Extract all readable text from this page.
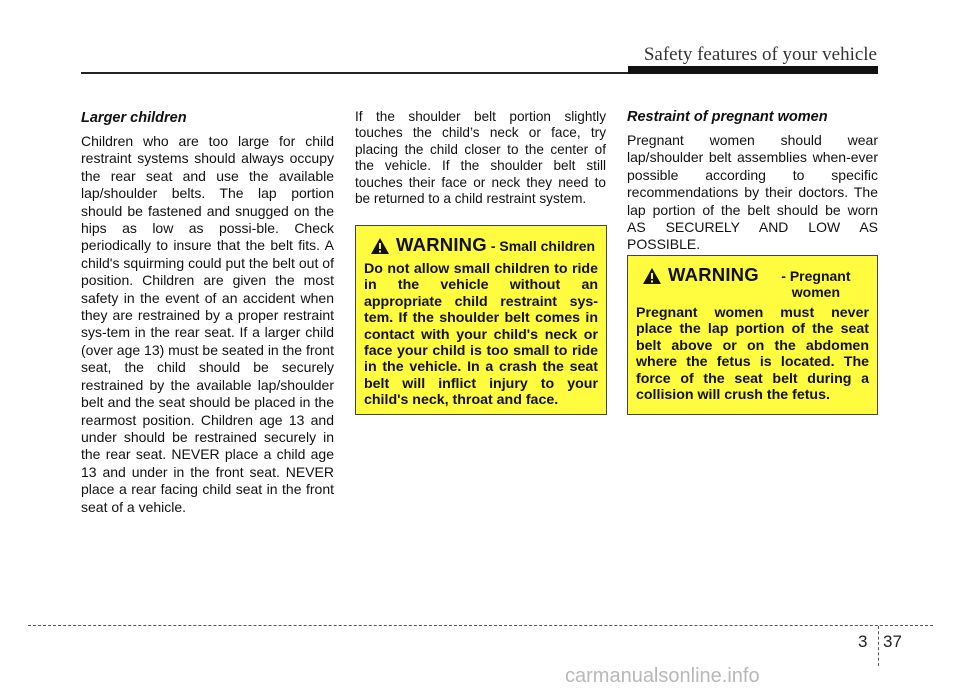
Safety features of your vehicle
Larger children
Children who are too large for child restraint systems should always occupy the rear seat and use the available lap/shoulder belts. The lap portion should be fastened and snugged on the hips as low as possi-ble. Check periodically to insure that the belt fits. A child's squirming could put the belt out of position. Children are given the most safety in the event of an accident when they are restrained by a proper restraint sys-tem in the rear seat. If a larger child (over age 13) must be seated in the front seat, the child should be securely restrained by the available lap/shoulder belt and the seat should be placed in the rearmost position. Children age 13 and under should be restrained securely in the rear seat. NEVER place a child age 13 and under in the front seat. NEVER place a rear facing child seat in the front seat of a vehicle.
If the shoulder belt portion slightly touches the child’s neck or face, try placing the child closer to the center of the vehicle. If the shoulder belt still touches their face or neck they need to be returned to a child restraint system.
WARNING - Small children
Do not allow small children to ride in the vehicle without an appropriate child restraint sys-tem. If the shoulder belt comes in contact with your child's neck or face your child is too small to ride in the vehicle. In a crash the seat belt will inflict injury to your child's neck, throat and face.
Restraint of pregnant women
Pregnant women should wear lap/shoulder belt assemblies when-ever possible according to specific recommendations by their doctors. The lap portion of the belt should be worn AS SECURELY AND LOW AS POSSIBLE.
WARNING	- Pregnant women
Pregnant women must never place the lap portion of the seat belt above or on the abdomen where the fetus is located. The force of the seat belt during a collision will crush the fetus.
3 37
carmanualsonline.info
